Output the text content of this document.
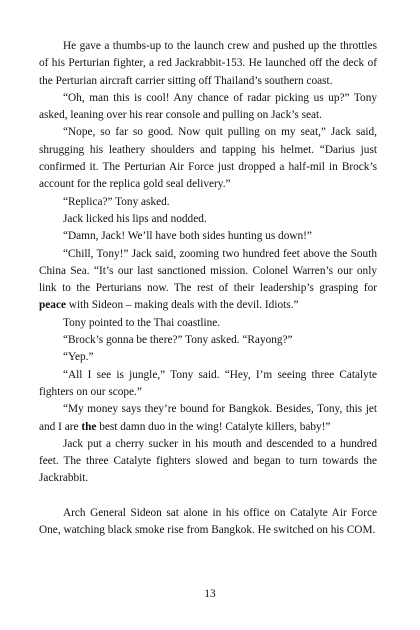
He gave a thumbs-up to the launch crew and pushed up the throttles of his Perturian fighter, a red Jackrabbit-153. He launched off the deck of the Perturian aircraft carrier sitting off Thailand’s southern coast.

“Oh, man this is cool! Any chance of radar picking us up?” Tony asked, leaning over his rear console and pulling on Jack’s seat.

“Nope, so far so good. Now quit pulling on my seat,” Jack said, shrugging his leathery shoulders and tapping his helmet. “Darius just confirmed it. The Perturian Air Force just dropped a half-mil in Brock’s account for the replica gold seal delivery.”

“Replica?” Tony asked.

Jack licked his lips and nodded.

“Damn, Jack! We’ll have both sides hunting us down!”

“Chill, Tony!” Jack said, zooming two hundred feet above the South China Sea. “It’s our last sanctioned mission. Colonel Warren’s our only link to the Perturians now. The rest of their leadership’s grasping for peace with Sideon – making deals with the devil. Idiots.”

Tony pointed to the Thai coastline.

“Brock’s gonna be there?” Tony asked. “Rayong?”

“Yep.”

“All I see is jungle,” Tony said. “Hey, I’m seeing three Catalyte fighters on our scope.”

“My money says they’re bound for Bangkok. Besides, Tony, this jet and I are the best damn duo in the wing! Catalyte killers, baby!”

Jack put a cherry sucker in his mouth and descended to a hundred feet. The three Catalyte fighters slowed and began to turn towards the Jackrabbit.

Arch General Sideon sat alone in his office on Catalyte Air Force One, watching black smoke rise from Bangkok. He switched on his COM.

13
